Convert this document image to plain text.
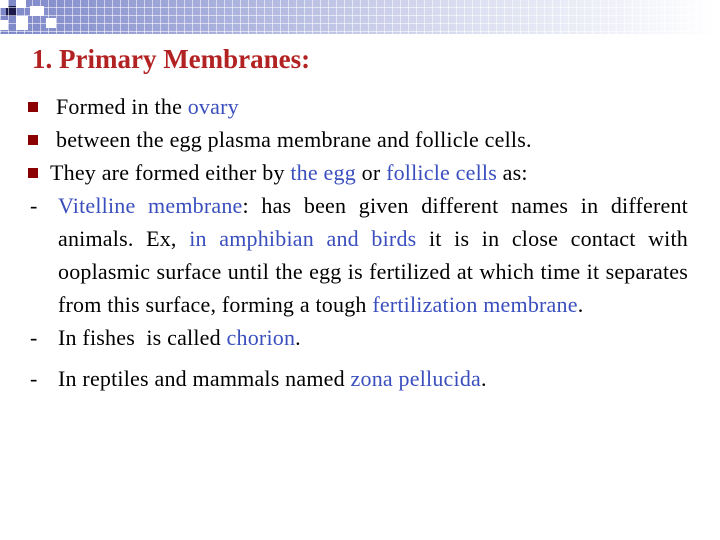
1. Primary Membranes:
Formed in the ovary
between the egg plasma membrane and follicle cells.
They are formed either by the egg or follicle cells as:
- Vitelline membrane: has been given different names in different animals. Ex, in amphibian and birds it is in close contact with ooplasmic surface until the egg is fertilized at which time it separates from this surface, forming a tough fertilization membrane.
- In fishes  is called chorion.
- In reptiles and mammals named zona pellucida.
